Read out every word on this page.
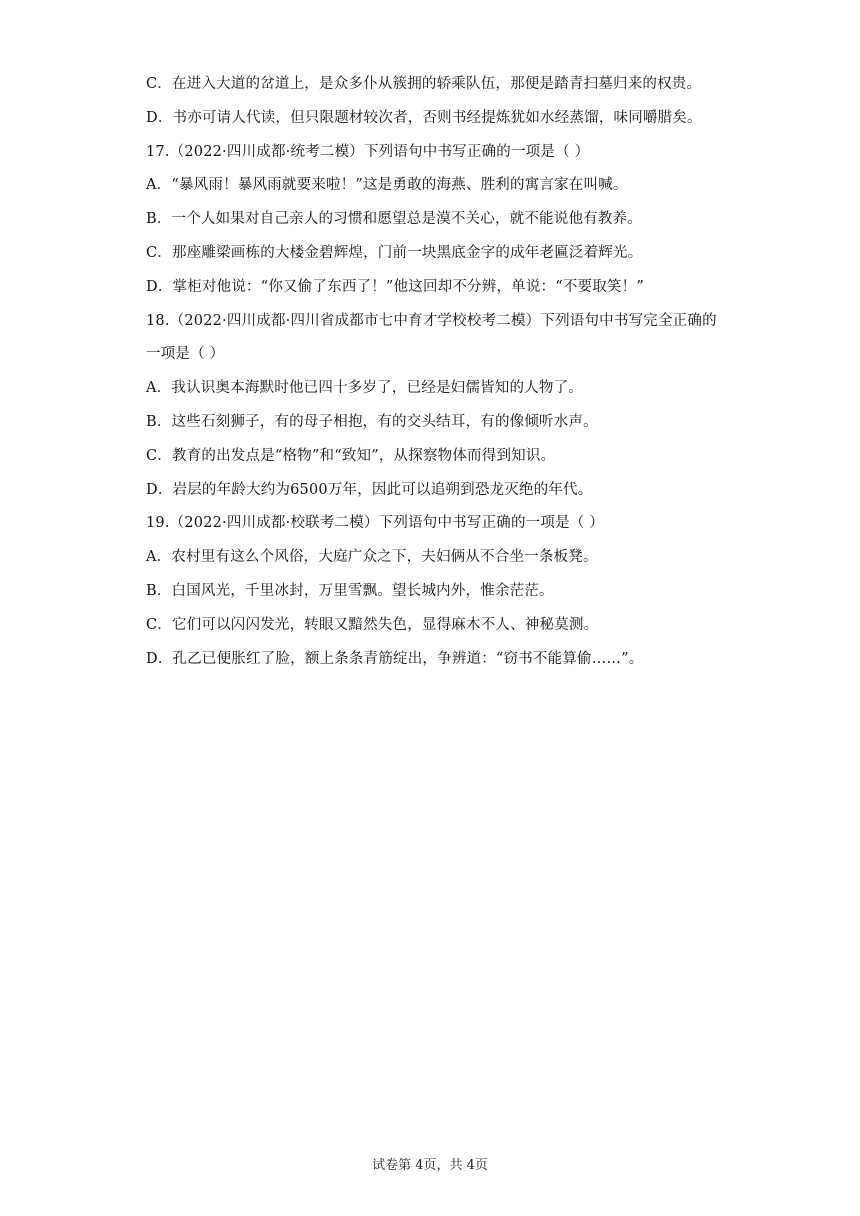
C．在进入大道的岔道上，是众多仆从簇拥的轿乘队伍，那便是踏青扫墓归来的权贵。
D．书亦可请人代读，但只限题材较次者，否则书经提炼犹如水经蒸馏，味同嚼腊矣。
17.（2022·四川成都·统考二模）下列语句中书写正确的一项是（ ）
A．“暴风雨！暴风雨就要来啦！”这是勇敢的海燕、胜利的寓言家在叫喊。
B．一个人如果对自己亲人的习惯和愿望总是漠不关心，就不能说他有教养。
C．那座雕梁画栋的大楼金碧辉煌，门前一块黑底金字的成年老匾泛着辉光。
D．掌柜对他说：“你又偷了东西了！”他这回却不分辨，单说：“不要取笑！”
18.（2022·四川成都·四川省成都市七中育才学校校考二模）下列语句中书写完全正确的
一项是（ ）
A．我认识奥本海默时他已四十多岁了，已经是妇儒皆知的人物了。
B．这些石刻狮子，有的母子相抱，有的交头结耳，有的像倾听水声。
C．教育的出发点是“格物”和“致知”，从探察物体而得到知识。
D．岩层的年龄大约为6500万年，因此可以追朔到恐龙灭绝的年代。
19.（2022·四川成都·校联考二模）下列语句中书写正确的一项是（ ）
A．农村里有这么个风俗，大庭广众之下，夫妇俩从不合坐一条板凳。
B．白国风光，千里冰封，万里雪飘。望长城内外，惟余茫茫。
C．它们可以闪闪发光，转眼又黯然失色，显得麻木不人、神秘莫测。
D．孔乙已便胀红了脸，额上条条青筋绽出，争辨道：“窃书不能算偷……”。
试卷第 4页，共 4页
